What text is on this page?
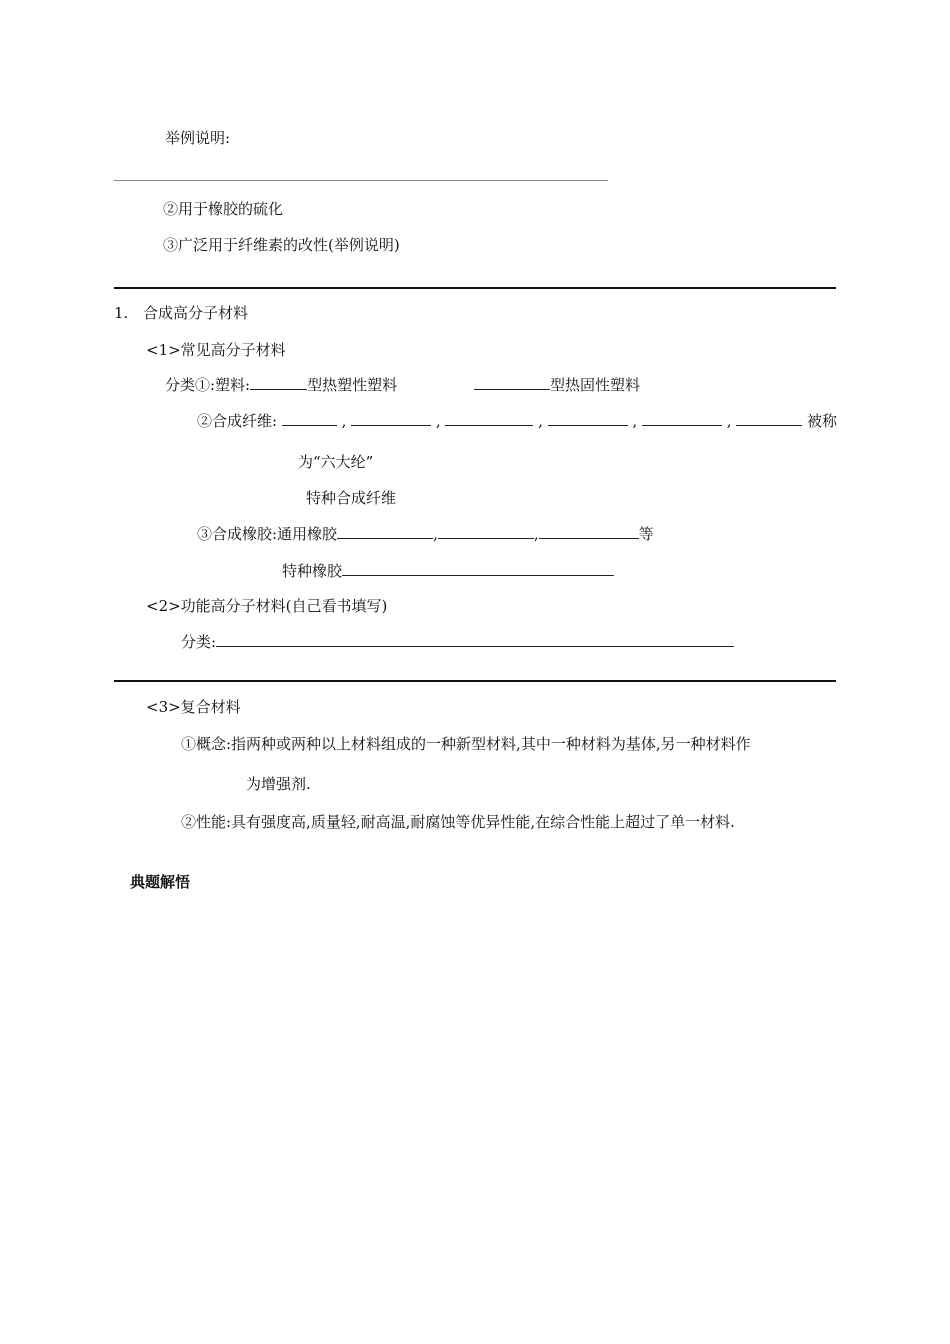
举例说明:
②用于橡胶的硫化
③广泛用于纤维素的改性(举例说明)
1. 合成高分子材料
<1>常见高分子材料
分类①:塑料:	型热塑性塑料	型热固性塑料
②合成纤维:	,	,	,	,	,	被称
为“六大纶”
特种合成纤维
③合成橡胶:通用橡胶	,	,	等
特种橡胶
<2>功能高分子材料(自己看书填写)
分类:
<3>复合材料
①概念:指两种或两种以上材料组成的一种新型材料,其中一种材料为基体,另一种材料作
为增强剂.
②性能:具有强度高,质量轻,耐高温,耐腐蚀等优异性能,在综合性能上超过了单一材料.
典题解悟
